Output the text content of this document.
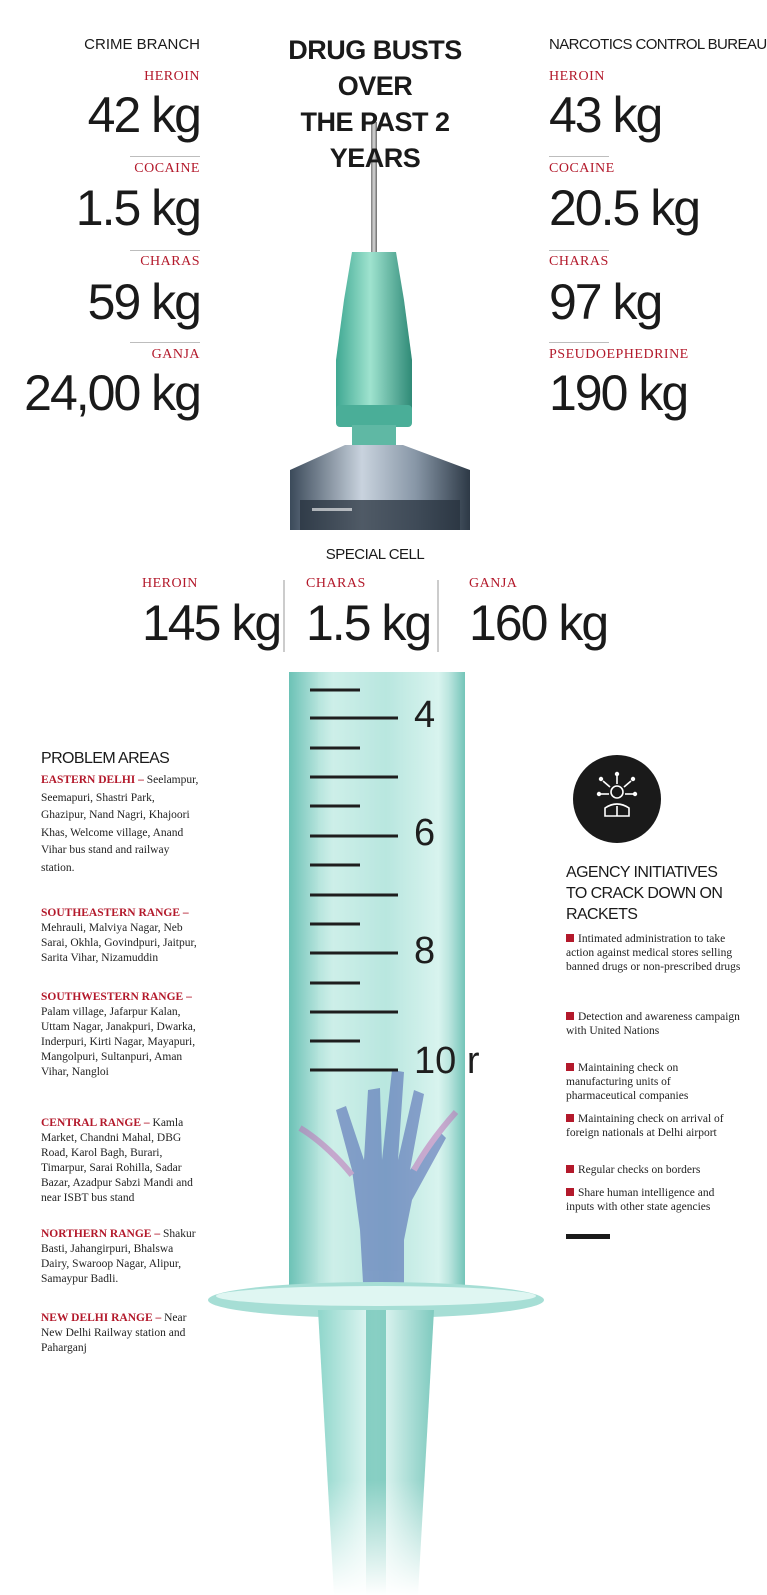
4
6
8
10 r
DRUG BUSTS OVER
THE PAST 2 YEARS
CRIME BRANCH
HEROIN
42 kg
COCAINE
1.5 kg
CHARAS
59 kg
GANJA
24,00 kg
NARCOTICS CONTROL BUREAU
HEROIN
43 kg
COCAINE
20.5 kg
CHARAS
97 kg
PSEUDOEPHEDRINE
190 kg
SPECIAL CELL
HEROIN
145 kg
CHARAS
1.5 kg
GANJA
160 kg
PROBLEM AREAS
EASTERN DELHI – Seelampur, Seemapuri, Shastri Park, Ghazipur, Nand Nagri, Khajoori Khas, Welcome village, Anand Vihar bus stand and railway station.
SOUTHEASTERN RANGE – Mehrauli, Malviya Nagar, Neb Sarai, Okhla, Govindpuri, Jaitpur, Sarita Vihar, Nizamuddin
SOUTHWESTERN RANGE – Palam village, Jafarpur Kalan, Uttam Nagar, Janakpuri, Dwarka, Inderpuri, Kirti Nagar, Mayapuri, Mangolpuri, Sultanpuri, Aman Vihar, Nangloi
CENTRAL RANGE – Kamla Market, Chandni Mahal, DBG Road, Karol Bagh, Burari, Timarpur, Sarai Rohilla, Sadar Bazar, Azadpur Sabzi Mandi and near ISBT bus stand
NORTHERN RANGE – Shakur Basti, Jahangirpuri, Bhalswa Dairy, Swaroop Nagar, Alipur, Samaypur Badli.
NEW DELHI RANGE – Near New Delhi Railway station and Paharganj
AGENCY INITIATIVES
TO CRACK DOWN ON
RACKETS
Intimated administration to take action against medical stores selling banned drugs or non-prescribed drugs
Detection and awareness campaign with United Nations
Maintaining check on manufacturing units of pharmaceutical companies
Maintaining check on arrival of foreign nationals at Delhi airport
Regular checks on borders
Share human intelligence and inputs with other state agencies
